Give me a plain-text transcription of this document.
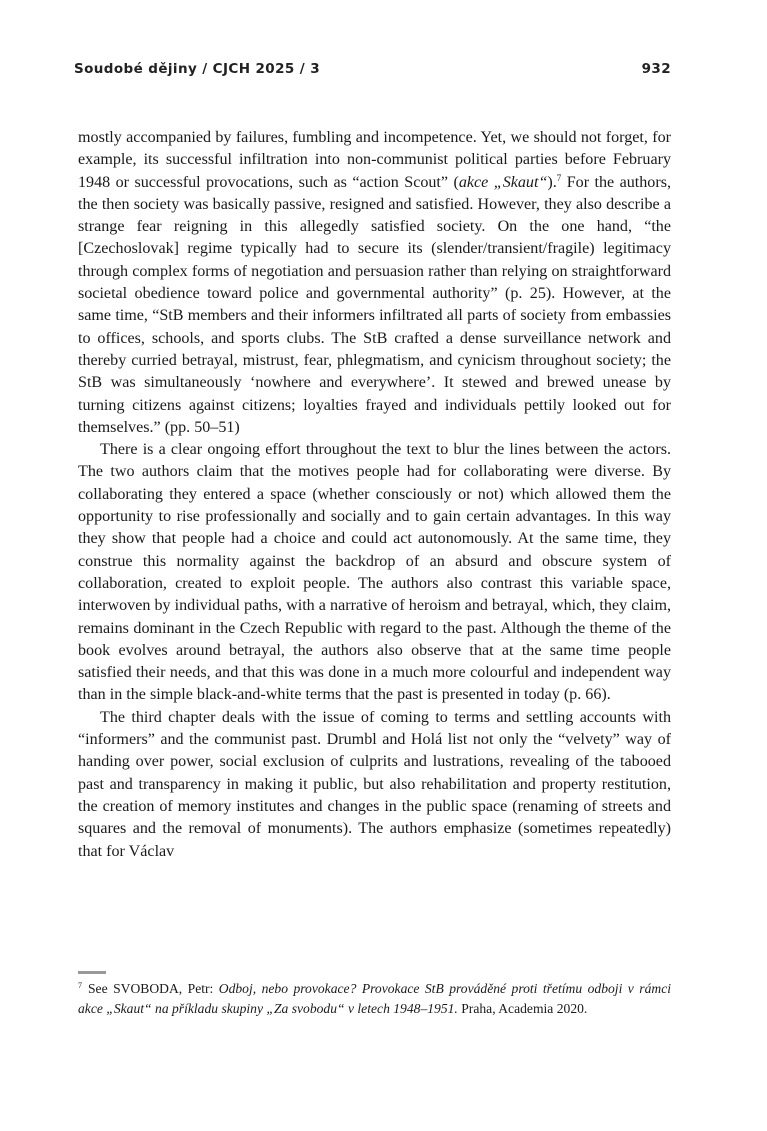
Soudobé dějiny / CJCH 2025 / 3	932

mostly accompanied by failures, fumbling and incompetence. Yet, we should not forget, for example, its successful infiltration into non-communist political parties before February 1948 or successful provocations, such as “action Scout” (akce „Skaut“).$^7$ For the authors, the then society was basically passive, resigned and satisfied. However, they also describe a strange fear reigning in this allegedly satisfied society. On the one hand, “the [Czechoslovak] regime typically had to secure its (slender/transient/fragile) legitimacy through complex forms of negotiation and persuasion rather than relying on straightforward societal obedience toward police and governmental authority” (p. 25). However, at the same time, “StB members and their informers infiltrated all parts of society from embassies to offices, schools, and sports clubs. The StB crafted a dense surveillance network and thereby curried betrayal, mistrust, fear, phlegmatism, and cynicism throughout society; the StB was simultaneously ‘nowhere and everywhere’. It stewed and brewed unease by turning citizens against citizens; loyalties frayed and individuals pettily looked out for themselves.” (pp. 50–51)

There is a clear ongoing effort throughout the text to blur the lines between the actors. The two authors claim that the motives people had for collaborating were diverse. By collaborating they entered a space (whether consciously or not) which allowed them the opportunity to rise professionally and socially and to gain certain advantages. In this way they show that people had a choice and could act autonomously. At the same time, they construe this normality against the backdrop of an absurd and obscure system of collaboration, created to exploit people. The authors also contrast this variable space, interwoven by individual paths, with a narrative of heroism and betrayal, which, they claim, remains dominant in the Czech Republic with regard to the past. Although the theme of the book evolves around betrayal, the authors also observe that at the same time people satisfied their needs, and that this was done in a much more colourful and independent way than in the simple black-and-white terms that the past is presented in today (p. 66).

The third chapter deals with the issue of coming to terms and settling accounts with “informers” and the communist past. Drumbl and Holá list not only the “velvety” way of handing over power, social exclusion of culprits and lustrations, revealing of the tabooed past and transparency in making it public, but also rehabilitation and property restitution, the creation of memory institutes and changes in the public space (renaming of streets and squares and the removal of monuments). The authors emphasize (sometimes repeatedly) that for Václav

$^7$ See SVOBODA, Petr: Odboj, nebo provokace? Provokace StB prováděné proti třetímu odboji v rámci akce „Skaut“ na příkladu skupiny „Za svobodu“ v letech 1948–1951. Praha, Academia 2020.
